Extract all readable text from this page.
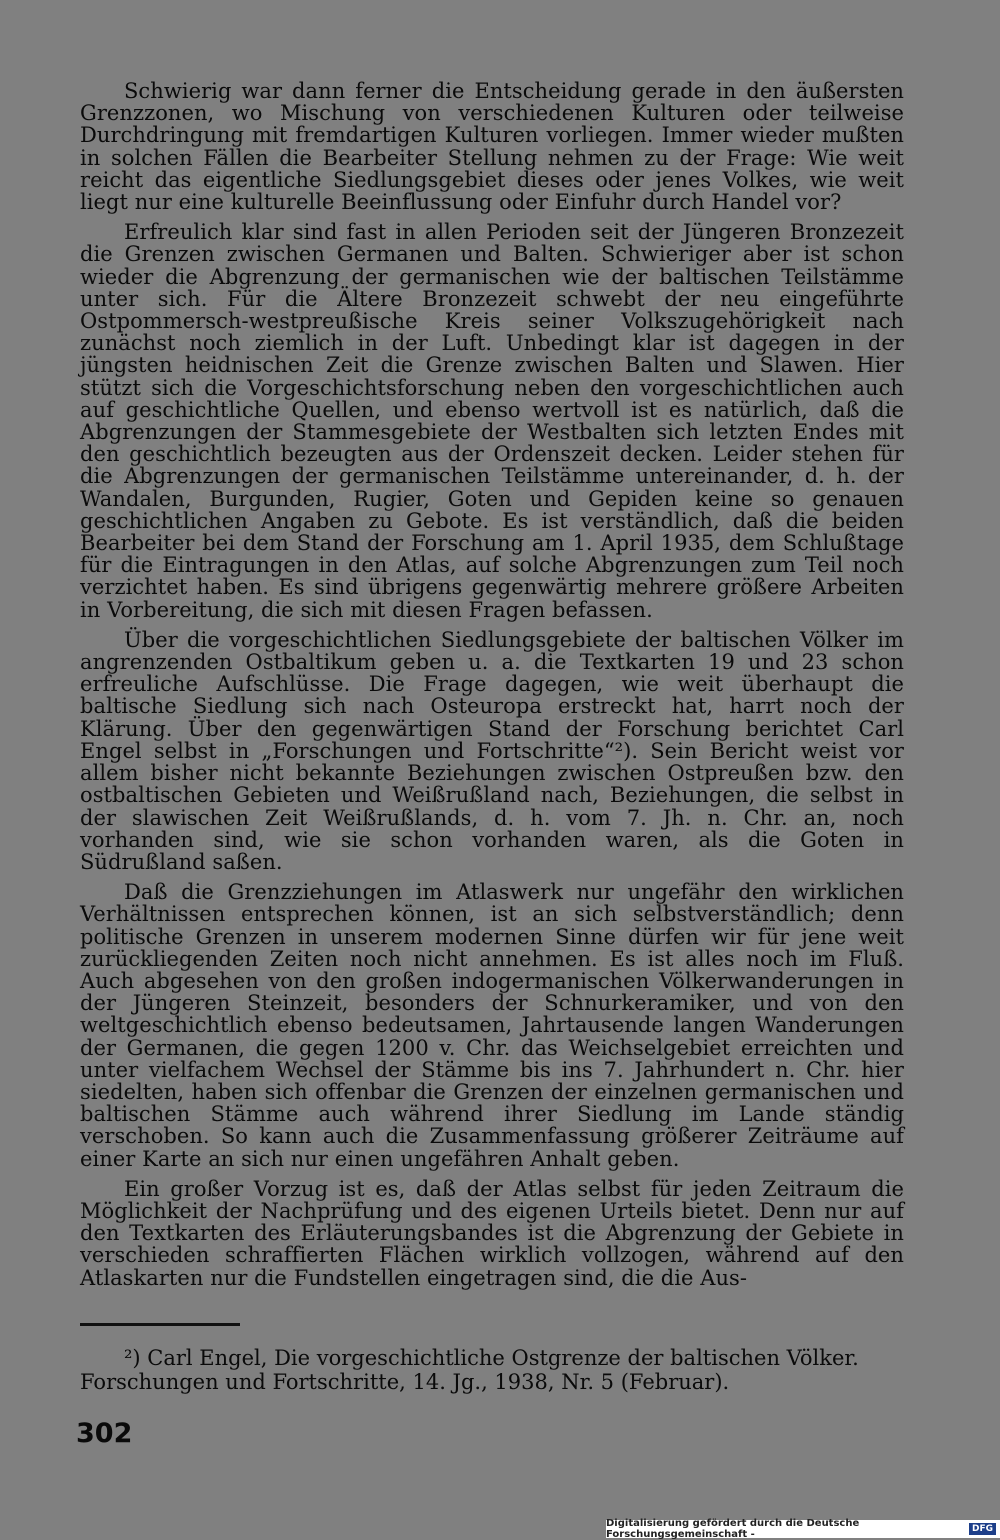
Schwierig war dann ferner die Entscheidung gerade in den äußersten Grenzzonen, wo Mischung von verschiedenen Kulturen oder teilweise Durchdringung mit fremdartigen Kulturen vorliegen. Immer wieder mußten in solchen Fällen die Bearbeiter Stellung nehmen zu der Frage: Wie weit reicht das eigentliche Siedlungsgebiet dieses oder jenes Volkes, wie weit liegt nur eine kulturelle Beeinflussung oder Einfuhr durch Handel vor?

Erfreulich klar sind fast in allen Perioden seit der Jüngeren Bronzezeit die Grenzen zwischen Germanen und Balten. Schwieriger aber ist schon wieder die Abgrenzung der germanischen wie der baltischen Teilstämme unter sich. Für die Ältere Bronzezeit schwebt der neu eingeführte Ostpommersch-westpreußische Kreis seiner Volkszugehörigkeit nach zunächst noch ziemlich in der Luft. Unbedingt klar ist dagegen in der jüngsten heidnischen Zeit die Grenze zwischen Balten und Slawen. Hier stützt sich die Vorgeschichtsforschung neben den vorgeschichtlichen auch auf geschichtliche Quellen, und ebenso wertvoll ist es natürlich, daß die Abgrenzungen der Stammesgebiete der Westbalten sich letzten Endes mit den geschichtlich bezeugten aus der Ordenszeit decken. Leider stehen für die Abgrenzungen der germanischen Teilstämme untereinander, d. h. der Wandalen, Burgunden, Rugier, Goten und Gepiden keine so genauen geschichtlichen Angaben zu Gebote. Es ist verständlich, daß die beiden Bearbeiter bei dem Stand der Forschung am 1. April 1935, dem Schlußtage für die Eintragungen in den Atlas, auf solche Abgrenzungen zum Teil noch verzichtet haben. Es sind übrigens gegenwärtig mehrere größere Arbeiten in Vorbereitung, die sich mit diesen Fragen befassen.

Über die vorgeschichtlichen Siedlungsgebiete der baltischen Völker im angrenzenden Ostbaltikum geben u. a. die Textkarten 19 und 23 schon erfreuliche Aufschlüsse. Die Frage dagegen, wie weit überhaupt die baltische Siedlung sich nach Osteuropa erstreckt hat, harrt noch der Klärung. Über den gegenwärtigen Stand der Forschung berichtet Carl Engel selbst in „Forschungen und Fortschritte“²). Sein Bericht weist vor allem bisher nicht bekannte Beziehungen zwischen Ostpreußen bzw. den ostbaltischen Gebieten und Weißrußland nach, Beziehungen, die selbst in der slawischen Zeit Weißrußlands, d. h. vom 7. Jh. n. Chr. an, noch vorhanden sind, wie sie schon vorhanden waren, als die Goten in Südrußland saßen.

Daß die Grenzziehungen im Atlaswerk nur ungefähr den wirklichen Verhältnissen entsprechen können, ist an sich selbstverständlich; denn politische Grenzen in unserem modernen Sinne dürfen wir für jene weit zurückliegenden Zeiten noch nicht annehmen. Es ist alles noch im Fluß. Auch abgesehen von den großen indogermanischen Völkerwanderungen in der Jüngeren Steinzeit, besonders der Schnurkeramiker, und von den weltgeschichtlich ebenso bedeutsamen, Jahrtausende langen Wanderungen der Germanen, die gegen 1200 v. Chr. das Weichselgebiet erreichten und unter vielfachem Wechsel der Stämme bis ins 7. Jahrhundert n. Chr. hier siedelten, haben sich offenbar die Grenzen der einzelnen germanischen und baltischen Stämme auch während ihrer Siedlung im Lande ständig verschoben. So kann auch die Zusammenfassung größerer Zeiträume auf einer Karte an sich nur einen ungefähren Anhalt geben.

Ein großer Vorzug ist es, daß der Atlas selbst für jeden Zeitraum die Möglichkeit der Nachprüfung und des eigenen Urteils bietet. Denn nur auf den Textkarten des Erläuterungsbandes ist die Abgrenzung der Gebiete in verschieden schraffierten Flächen wirklich vollzogen, während auf den Atlaskarten nur die Fundstellen eingetragen sind, die die Aus-

²) Carl Engel, Die vorgeschichtliche Ostgrenze der baltischen Völker. Forschungen und Fortschritte, 14. Jg., 1938, Nr. 5 (Februar).

302
Digitalisierung gefördert durch die Deutsche Forschungsgemeinschaft -	DFG
